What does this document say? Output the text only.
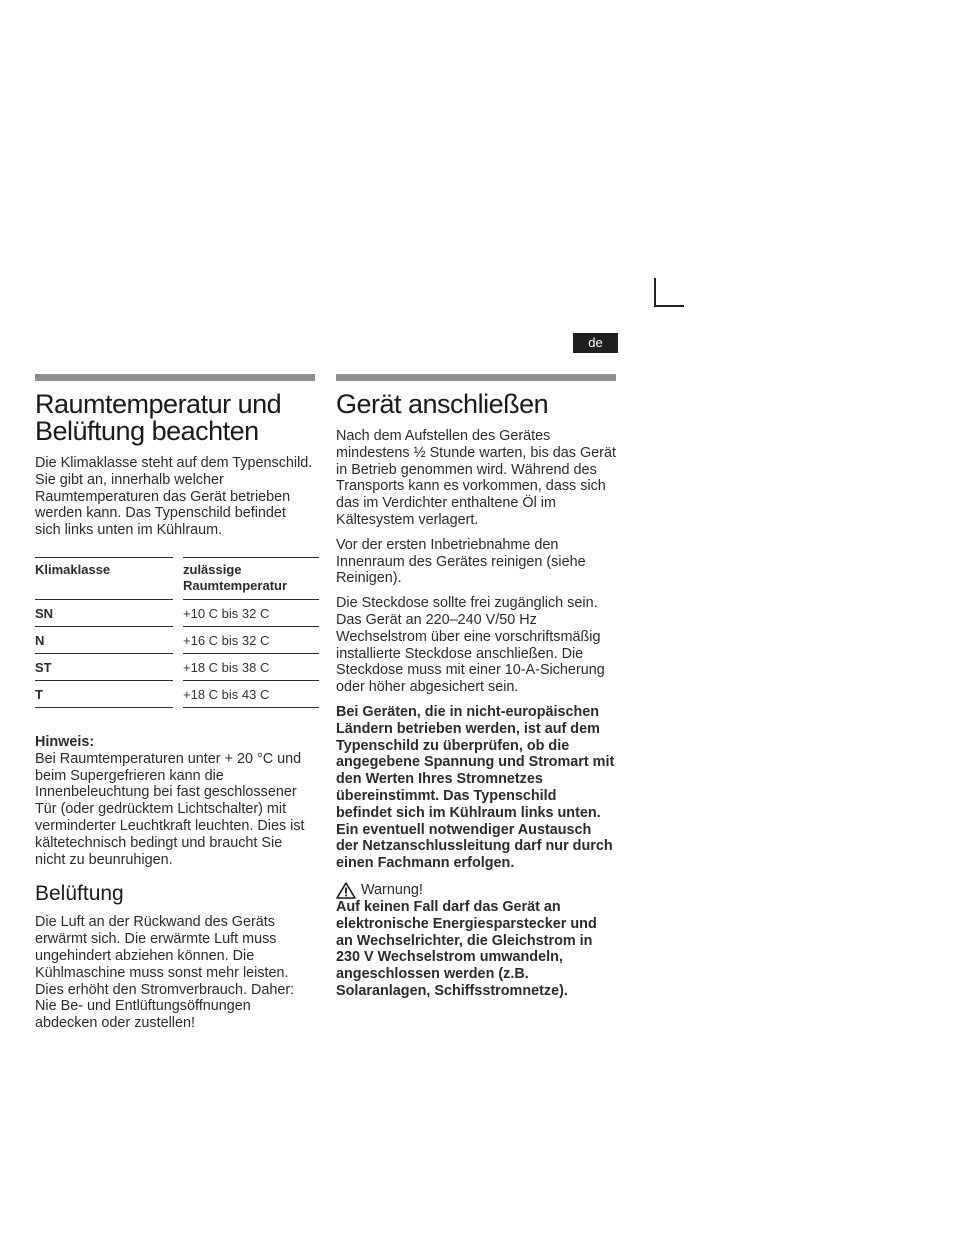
de
Raumtemperatur und Belüftung beachten

Die Klimaklasse steht auf dem Typenschild. Sie gibt an, innerhalb welcher Raumtemperaturen das Gerät betrieben werden kann. Das Typenschild befindet sich links unten im Kühlraum.

Klimaklasse		zulässige Raumtemperatur
SN		+10 C bis 32 C
N		+16 C bis 32 C
ST		+18 C bis 38 C
T		+18 C bis 43 C
Hinweis:

Bei Raumtemperaturen unter + 20 °C und beim Supergefrieren kann die Innenbeleuchtung bei fast geschlossener Tür (oder gedrücktem Lichtschalter) mit verminderter Leuchtkraft leuchten. Dies ist kältetechnisch bedingt und braucht Sie nicht zu beunruhigen.

Belüftung

Die Luft an der Rückwand des Geräts erwärmt sich. Die erwärmte Luft muss ungehindert abziehen können. Die Kühlmaschine muss sonst mehr leisten. Dies erhöht den Stromverbrauch. Daher: Nie Be- und Entlüftungsöffnungen abdecken oder zustellen!

Gerät anschließen

Nach dem Aufstellen des Gerätes mindestens ½ Stunde warten, bis das Gerät in Betrieb genommen wird. Während des Transports kann es vorkommen, dass sich das im Verdichter enthaltene Öl im Kältesystem verlagert.

Vor der ersten Inbetriebnahme den Innenraum des Gerätes reinigen (siehe Reinigen).

Die Steckdose sollte frei zugänglich sein. Das Gerät an 220–240 V/50 Hz Wechselstrom über eine vorschriftsmäßig installierte Steckdose anschließen. Die Steckdose muss mit einer 10-A-Sicherung oder höher abgesichert sein.

Bei Geräten, die in nicht-europäischen Ländern betrieben werden, ist auf dem Typenschild zu überprüfen, ob die angegebene Spannung und Stromart mit den Werten Ihres Stromnetzes übereinstimmt. Das Typenschild befindet sich im Kühlraum links unten. Ein eventuell notwendiger Austausch der Netzanschlussleitung darf nur durch einen Fachmann erfolgen.

Warnung!

Auf keinen Fall darf das Gerät an elektronische Energiesparstecker und an Wechselrichter, die Gleichstrom in 230 V Wechselstrom umwandeln, angeschlossen werden (z.B. Solaranlagen, Schiffsstromnetze).
